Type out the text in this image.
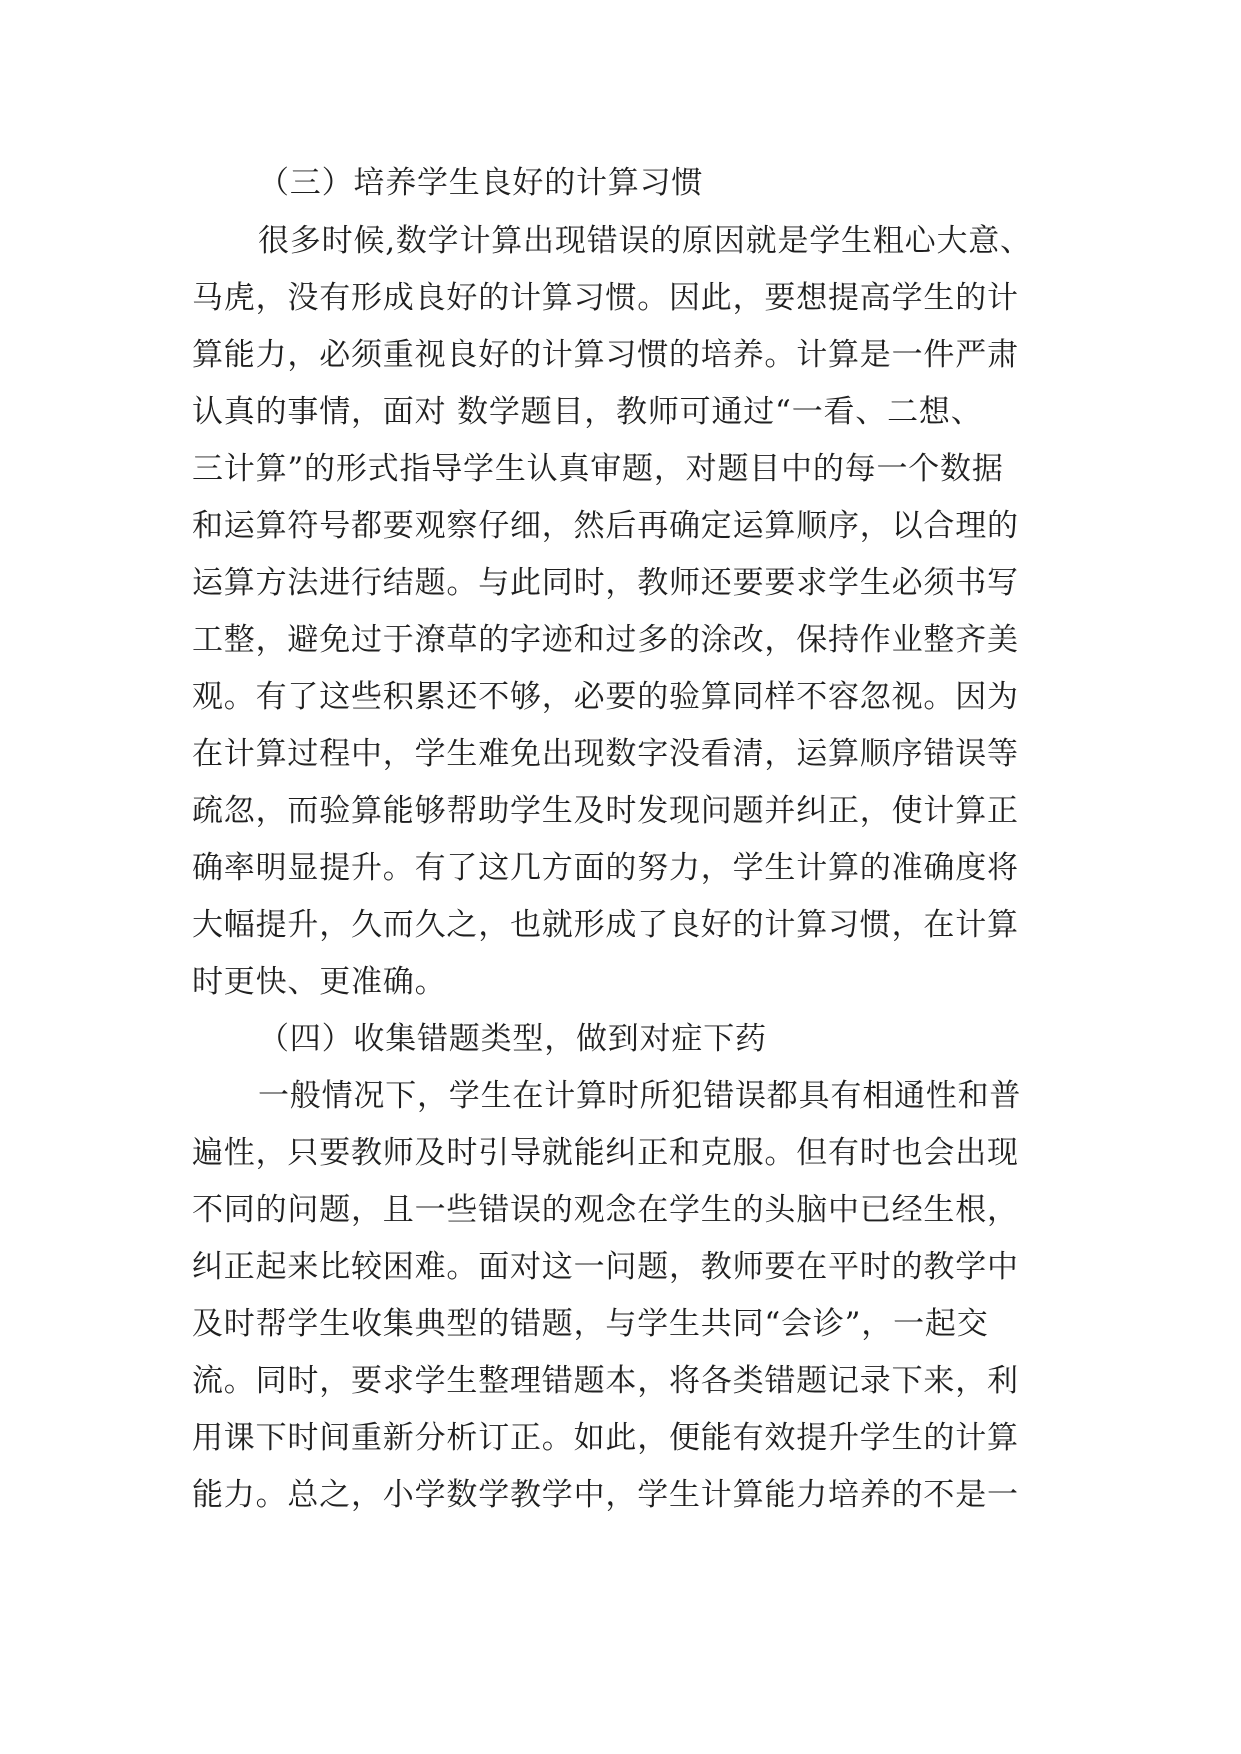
（三）培养学生良好的计算习惯
很多时候,数学计算出现错误的原因就是学生粗心大意、
马虎，没有形成良好的计算习惯。因此，要想提高学生的计
算能力，必须重视良好的计算习惯的培养。计算是一件严肃
认真的事情，面对 数学题目，教师可通过“一看、二想、
三计算”的形式指导学生认真审题，对题目中的每一个数据
和运算符号都要观察仔细，然后再确定运算顺序，以合理的
运算方法进行结题。与此同时，教师还要要求学生必须书写
工整，避免过于潦草的字迹和过多的涂改，保持作业整齐美
观。有了这些积累还不够，必要的验算同样不容忽视。因为
在计算过程中，学生难免出现数字没看清，运算顺序错误等
疏忽，而验算能够帮助学生及时发现问题并纠正，使计算正
确率明显提升。有了这几方面的努力，学生计算的准确度将
大幅提升，久而久之，也就形成了良好的计算习惯，在计算
时更快、更准确。
（四）收集错题类型，做到对症下药
一般情况下，学生在计算时所犯错误都具有相通性和普
遍性，只要教师及时引导就能纠正和克服。但有时也会出现
不同的问题，且一些错误的观念在学生的头脑中已经生根，
纠正起来比较困难。面对这一问题，教师要在平时的教学中
及时帮学生收集典型的错题，与学生共同“会诊”，一起交
流。同时，要求学生整理错题本，将各类错题记录下来，利
用课下时间重新分析订正。如此，便能有效提升学生的计算
能力。总之，小学数学教学中，学生计算能力培养的不是一
